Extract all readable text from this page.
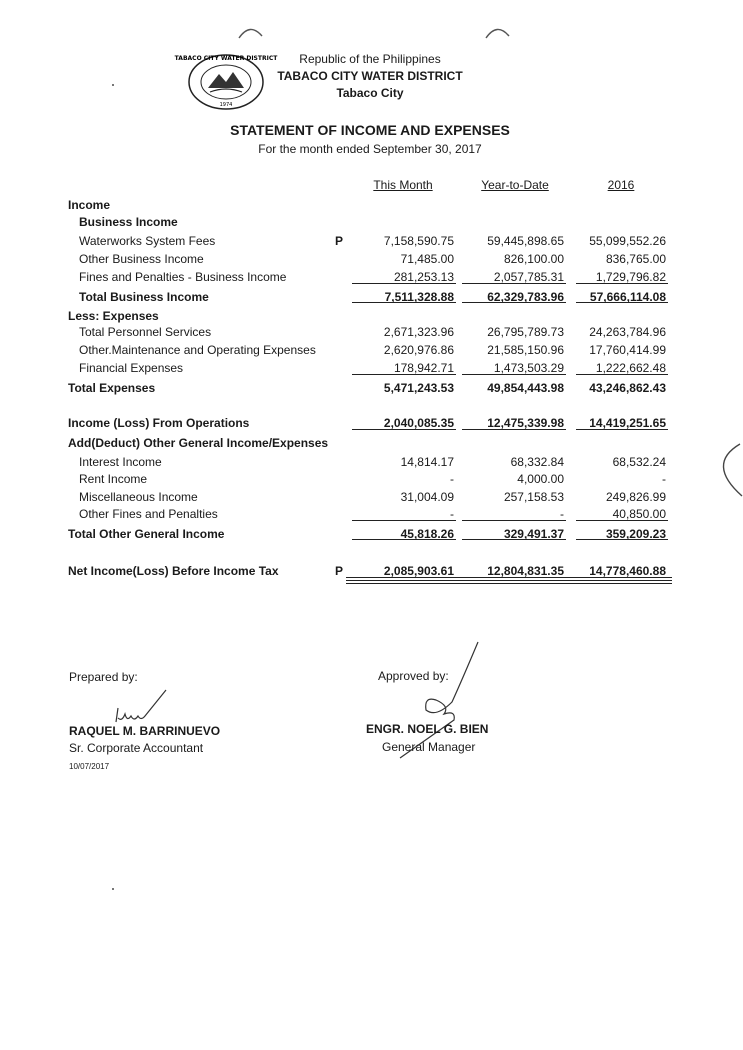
TABACO CITY WATER DISTRICT
1974
Republic of the Philippines
TABACO CITY WATER DISTRICT
Tabaco City
STATEMENT OF INCOME AND EXPENSES
For the month ended September 30, 2017
This Month	Year-to-Date	2016
Income
Business Income
Waterworks System Fees	P	7,158,590.75	59,445,898.65	55,099,552.26
Other Business Income	71,485.00	826,100.00	836,765.00
Fines and Penalties - Business Income	281,253.13	2,057,785.31	1,729,796.82
Total Business Income	7,511,328.88	62,329,783.96	57,666,114.08
Less: Expenses
Total Personnel Services	2,671,323.96	26,795,789.73	24,263,784.96
Other.Maintenance and Operating Expenses	2,620,976.86	21,585,150.96	17,760,414.99
Financial Expenses	178,942.71	1,473,503.29	1,222,662.48
Total Expenses	5,471,243.53	49,854,443.98	43,246,862.43
Income (Loss) From Operations	2,040,085.35	12,475,339.98	14,419,251.65
Add(Deduct) Other General Income/Expenses
Interest Income	14,814.17	68,332.84	68,532.24
Rent Income	-	4,000.00	-
Miscellaneous Income	31,004.09	257,158.53	249,826.99
Other Fines and Penalties	-	-	40,850.00
Total Other General Income	45,818.26	329,491.37	359,209.23
Net Income(Loss) Before Income Tax	P	2,085,903.61	12,804,831.35	14,778,460.88
Prepared by:
RAQUEL M. BARRINUEVO
Sr. Corporate Accountant
10/07/2017
Approved by:
ENGR. NOEL G. BIEN
General Manager
